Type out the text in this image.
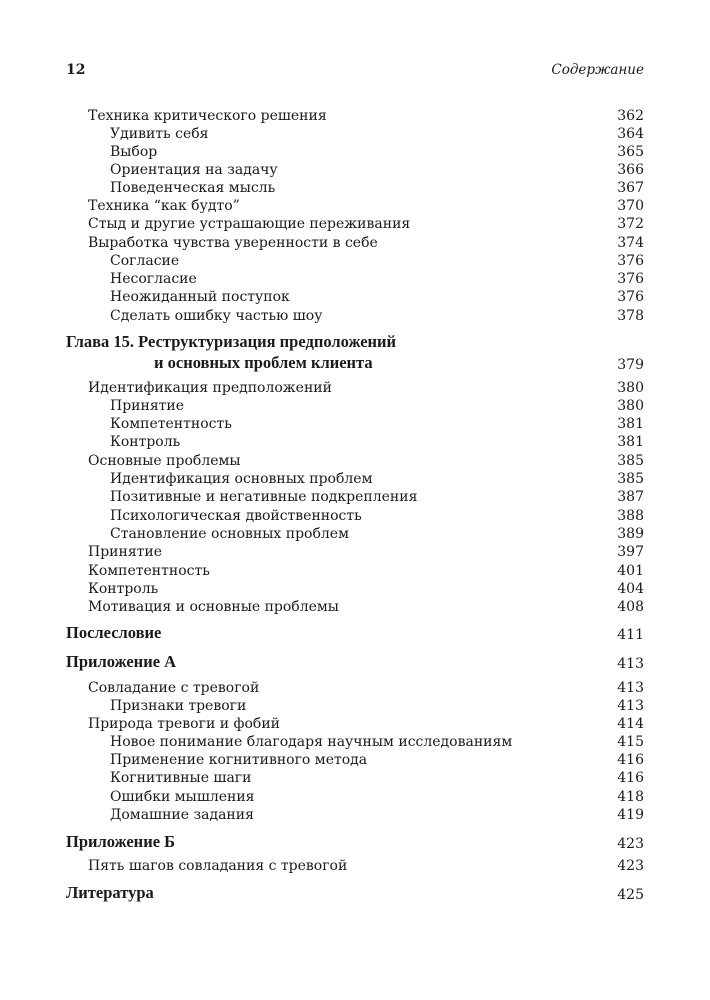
12	Содержание
Техника критического решения	362
Удивить себя	364
Выбор	365
Ориентация на задачу	366
Поведенческая мысль	367
Техника “как будто”	370
Стыд и другие устрашающие переживания	372
Выработка чувства уверенности в себе	374
Согласие	376
Несогласие	376
Неожиданный поступок	376
Сделать ошибку частью шоу	378
Глава 15. Реструктуризация предположений
и основных проблем клиента	379
Идентификация предположений	380
Принятие	380
Компетентность	381
Контроль	381
Основные проблемы	385
Идентификация основных проблем	385
Позитивные и негативные подкрепления	387
Психологическая двойственность	388
Становление основных проблем	389
Принятие	397
Компетентность	401
Контроль	404
Мотивация и основные проблемы	408
Послесловие	411
Приложение А	413
Совладание с тревогой	413
Признаки тревоги	413
Природа тревоги и фобий	414
Новое понимание благодаря научным исследованиям	415
Применение когнитивного метода	416
Когнитивные шаги	416
Ошибки мышления	418
Домашние задания	419
Приложение Б	423
Пять шагов совладания с тревогой	423
Литература	425
